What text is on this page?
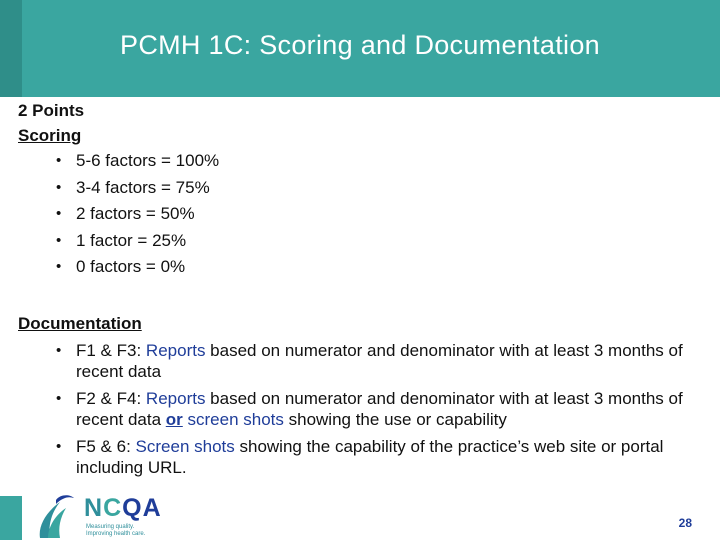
PCMH 1C: Scoring and Documentation
2 Points
Scoring
• 5-6 factors = 100%
• 3-4 factors = 75%
• 2 factors = 50%
• 1 factor = 25%
• 0 factors = 0%
Documentation
• F1 & F3: Reports based on numerator and denominator with at least 3 months of recent data
• F2 & F4: Reports based on numerator and denominator with at least 3 months of recent data or screen shots showing the use or capability
• F5 & 6: Screen shots showing the capability of the practice’s web site or portal including URL.
NCQA
Measuring quality. Improving health care.
28
